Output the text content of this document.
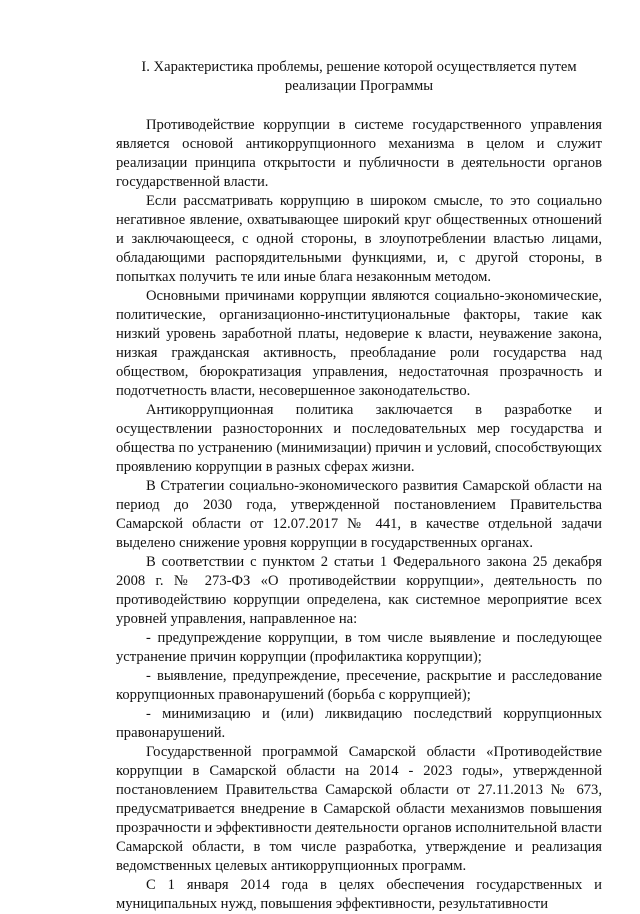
I. Характеристика проблемы, решение которой осуществляется путем реализации Программы

Противодействие коррупции в системе государственного управления является основой антикоррупционного механизма в целом и служит реализации принципа открытости и публичности в деятельности органов государственной власти.

Если рассматривать коррупцию в широком смысле, то это социально негативное явление, охватывающее широкий круг общественных отношений и заключающееся, с одной стороны, в злоупотреблении властью лицами, обладающими распорядительными функциями, и, с другой стороны, в попытках получить те или иные блага незаконным методом.

Основными причинами коррупции являются социально-экономические, политические, организационно-институциональные факторы, такие как низкий уровень заработной платы, недоверие к власти, неуважение закона, низкая гражданская активность, преобладание роли государства над обществом, бюрократизация управления, недостаточная прозрачность и подотчетность власти, несовершенное законодательство.

Антикоррупционная политика заключается в разработке и осуществлении разносторонних и последовательных мер государства и общества по устранению (минимизации) причин и условий, способствующих проявлению коррупции в разных сферах жизни.

В Стратегии социально-экономического развития Самарской области на период до 2030 года, утвержденной постановлением Правительства Самарской области от 12.07.2017 № 441, в качестве отдельной задачи выделено снижение уровня коррупции в государственных органах.

В соответствии с пунктом 2 статьи 1 Федерального закона 25 декабря 2008 г. № 273-ФЗ «О противодействии коррупции», деятельность по противодействию коррупции определена, как системное мероприятие всех уровней управления, направленное на:

- предупреждение коррупции, в том числе выявление и последующее устранение причин коррупции (профилактика коррупции);

- выявление, предупреждение, пресечение, раскрытие и расследование коррупционных правонарушений (борьба с коррупцией);

- минимизацию и (или) ликвидацию последствий коррупционных правонарушений.

Государственной программой Самарской области «Противодействие коррупции в Самарской области на 2014 - 2023 годы», утвержденной постановлением Правительства Самарской области от 27.11.2013 № 673, предусматривается внедрение в Самарской области механизмов повышения прозрачности и эффективности деятельности органов исполнительной власти Самарской области, в том числе разработка, утверждение и реализация ведомственных целевых антикоррупционных программ.

С 1 января 2014 года в целях обеспечения государственных и муниципальных нужд, повышения эффективности, результативности
